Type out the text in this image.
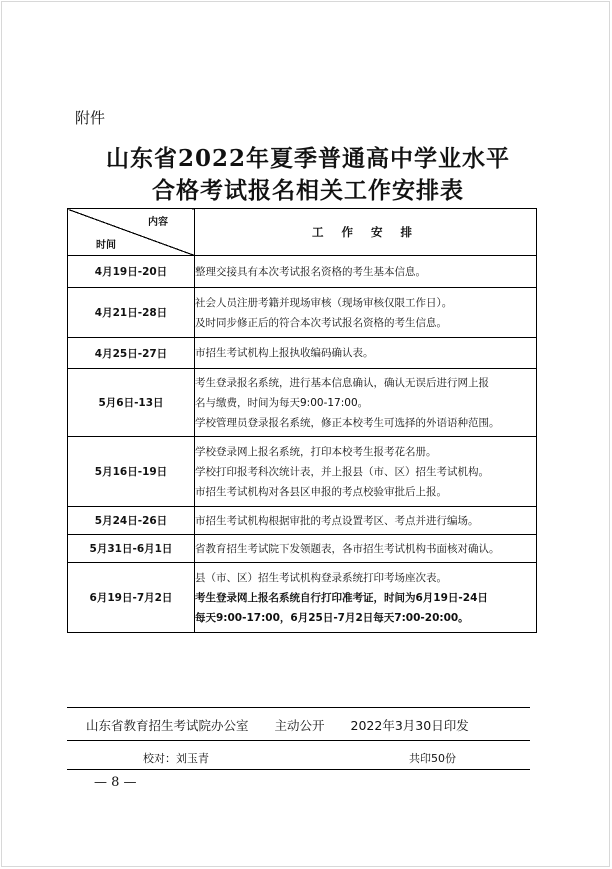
附件
山东省2022年夏季普通高中学业水平
合格考试报名相关工作安排表
内容
时间	工 作 安 排
4月19日-20日	整理交接具有本次考试报名资格的考生基本信息。

4月21日-28日	社会人员注册考籍并现场审核（现场审核仅限工作日）。
及时同步修正后的符合本次考试报名资格的考生信息。

4月25日-27日	市招生考试机构上报执收编码确认表。

5月6日-13日	考生登录报名系统，进行基本信息确认，确认无误后进行网上报
名与缴费，时间为每天9:00-17:00。
学校管理员登录报名系统，修正本校考生可选择的外语语种范围。

5月16日-19日	学校登录网上报名系统，打印本校考生报考花名册。
学校打印报考科次统计表，并上报县（市、区）招生考试机构。
市招生考试机构对各县区申报的考点校验审批后上报。

5月24日-26日	市招生考试机构根据审批的考点设置考区、考点并进行编场。

5月31日-6月1日	省教育招生考试院下发领题表，各市招生考试机构书面核对确认。

6月19日-7月2日	县（市、区）招生考试机构登录系统打印考场座次表。
考生登录网上报名系统自行打印准考证，时间为6月19日-24日
每天9:00-17:00，6月25日-7月2日每天7:00-20:00。
山东省教育招生考试院办公室 主动公开 2022年3月30日印发
校对：刘玉青	共印50份
— 8 —
